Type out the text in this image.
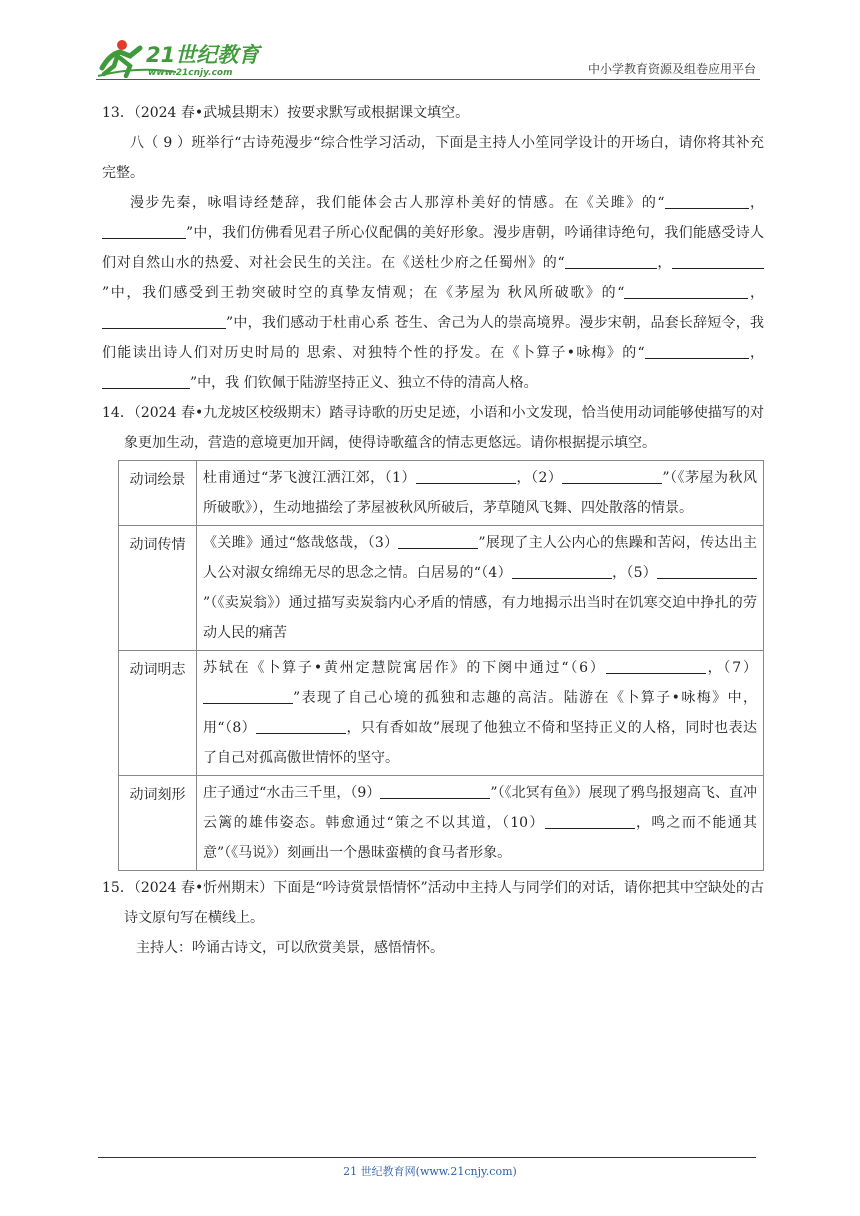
21世纪教育
www.21cnjy.com	中小学教育资源及组卷应用平台
13．（2024 春•武城县期末）按要求默写或根据课文填空。
八（ 9 ）班举行“古诗苑漫步“综合性学习活动，下面是主持人小笙同学设计的开场白，请你将其补充完整。
漫步先秦，咏唱诗经楚辞，我们能体会古人那淳朴美好的情感。在《关雎》的“	，”中，我们仿佛看见君子所心仪配偶的美好形象。漫步唐朝，吟诵律诗绝句，我们能感受诗人们对自然山水的热爱、对社会民生的关注。在《送杜少府之任蜀州》的“	，”中，我们感受到王勃突破时空的真挚友情观；在《茅屋为 秋风所破歌》的“	，”中，我们感动于杜甫心系 苍生、舍己为人的崇高境界。漫步宋朝，品套长辞短令，我们能读出诗人们对历史时局的 思索、对独特个性的抒发。在《卜算子•咏梅》的“	，”中，我 们钦佩于陆游坚持正义、独立不侍的清高人格。
14．（2024 春•九龙坡区校级期末）踏寻诗歌的历史足迹，小语和小文发现，恰当使用动词能够使描写的对象更加生动，营造的意境更加开阔，使得诗歌蕴含的情志更悠远。请你根据提示填空。
动词绘景	杜甫通过“茅飞渡江洒江郊，（1） ，（2） ”（《茅屋为秋风所破歌》），生动地描绘了茅屋被秋风所破后，茅草随风飞舞、四处散落的情景。
动词传情	《关雎》通过“悠哉悠哉，（3） ”展现了主人公内心的焦躁和苦闷，传达出主人公对淑女绵绵无尽的思念之情。白居易的“（4） ，（5）”（《卖炭翁》）通过描写卖炭翁内心矛盾的情感，有力地揭示出当时在饥寒交迫中挣扎的劳动人民的痛苦
动词明志	苏轼在《卜算子•黄州定慧院寓居作》的下阕中通过“（6） ，（7）”表现了自己心境的孤独和志趣的高洁。陆游在《卜算子•咏梅》中，用“（8） ，只有香如故”展现了他独立不倚和坚持正义的人格，同时也表达了自己对孤高傲世情怀的坚守。
动词刻形	庄子通过“水击三千里，（9） ”（《北冥有鱼》）展现了鸦鸟报翅高飞、直冲云篱的雄伟姿态。韩愈通过“策之不以其道，（10） ，鸣之而不能通其意”（《马说》）刻画出一个愚昧蛮横的食马者形象。
15．（2024 春•忻州期末）下面是“吟诗赏景悟情怀”活动中主持人与同学们的对话，请你把其中空缺处的古诗文原句写在横线上。
主持人：吟诵古诗文，可以欣赏美景，感悟情怀。
21 世纪教育网(www.21cnjy.com)
